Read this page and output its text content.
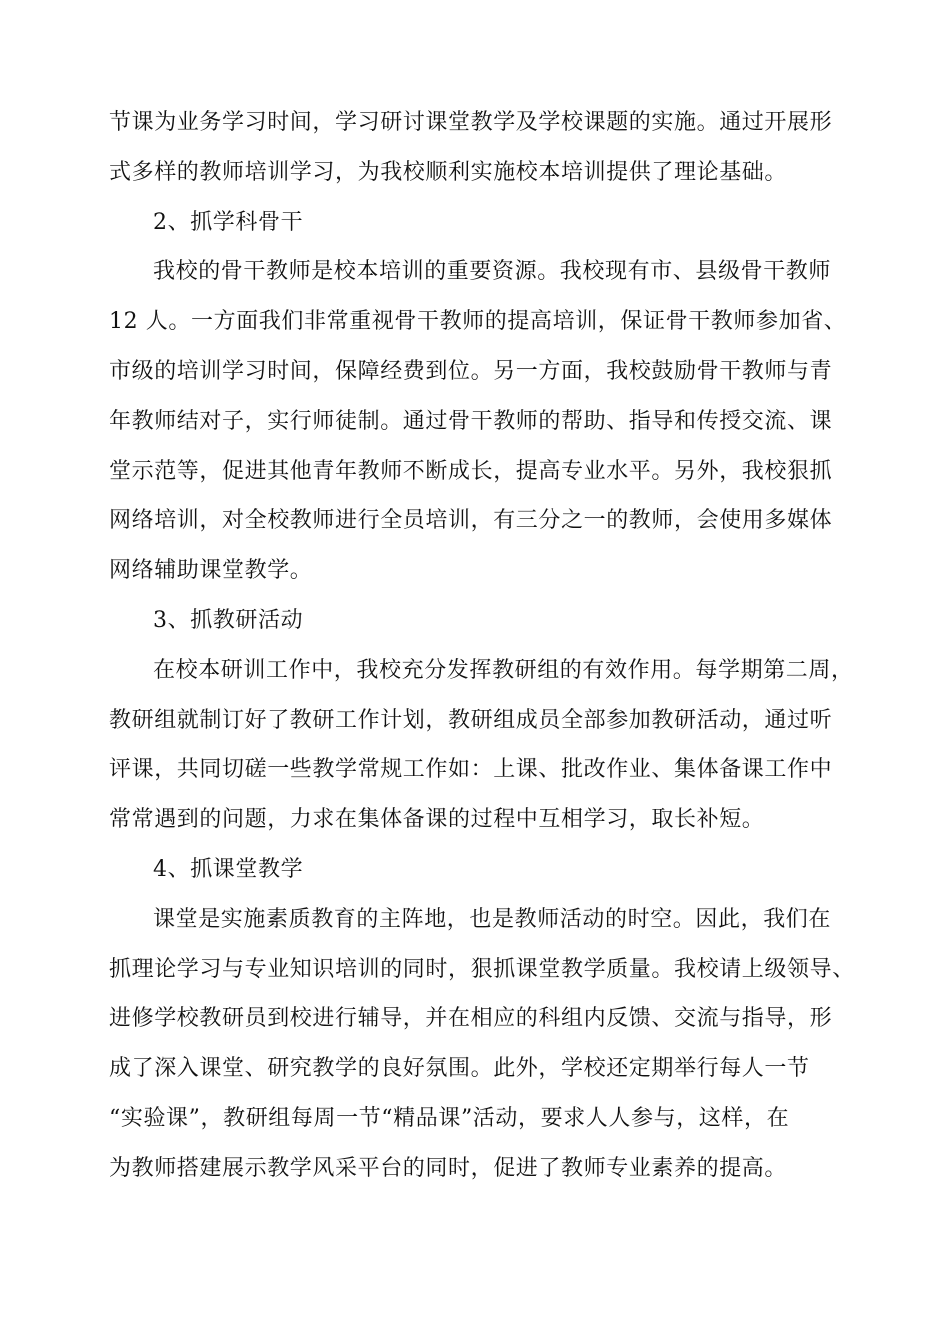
节课为业务学习时间，学习研讨课堂教学及学校课题的实施。通过开展形
式多样的教师培训学习，为我校顺利实施校本培训提供了理论基础。
2、抓学科骨干
我校的骨干教师是校本培训的重要资源。我校现有市、县级骨干教师
12 人。一方面我们非常重视骨干教师的提高培训，保证骨干教师参加省、
市级的培训学习时间，保障经费到位。另一方面，我校鼓励骨干教师与青
年教师结对子，实行师徒制。通过骨干教师的帮助、指导和传授交流、课
堂示范等，促进其他青年教师不断成长，提高专业水平。另外，我校狠抓
网络培训，对全校教师进行全员培训，有三分之一的教师，会使用多媒体
网络辅助课堂教学。
3、抓教研活动
在校本研训工作中，我校充分发挥教研组的有效作用。每学期第二周，
教研组就制订好了教研工作计划，教研组成员全部参加教研活动，通过听
评课，共同切磋一些教学常规工作如：上课、批改作业、集体备课工作中
常常遇到的问题，力求在集体备课的过程中互相学习，取长补短。
4、抓课堂教学
课堂是实施素质教育的主阵地，也是教师活动的时空。因此，我们在
抓理论学习与专业知识培训的同时，狠抓课堂教学质量。我校请上级领导、
进修学校教研员到校进行辅导，并在相应的科组内反馈、交流与指导，形
成了深入课堂、研究教学的良好氛围。此外，学校还定期举行每人一节
“实验课”，教研组每周一节“精品课”活动，要求人人参与，这样，在
为教师搭建展示教学风采平台的同时，促进了教师专业素养的提高。
